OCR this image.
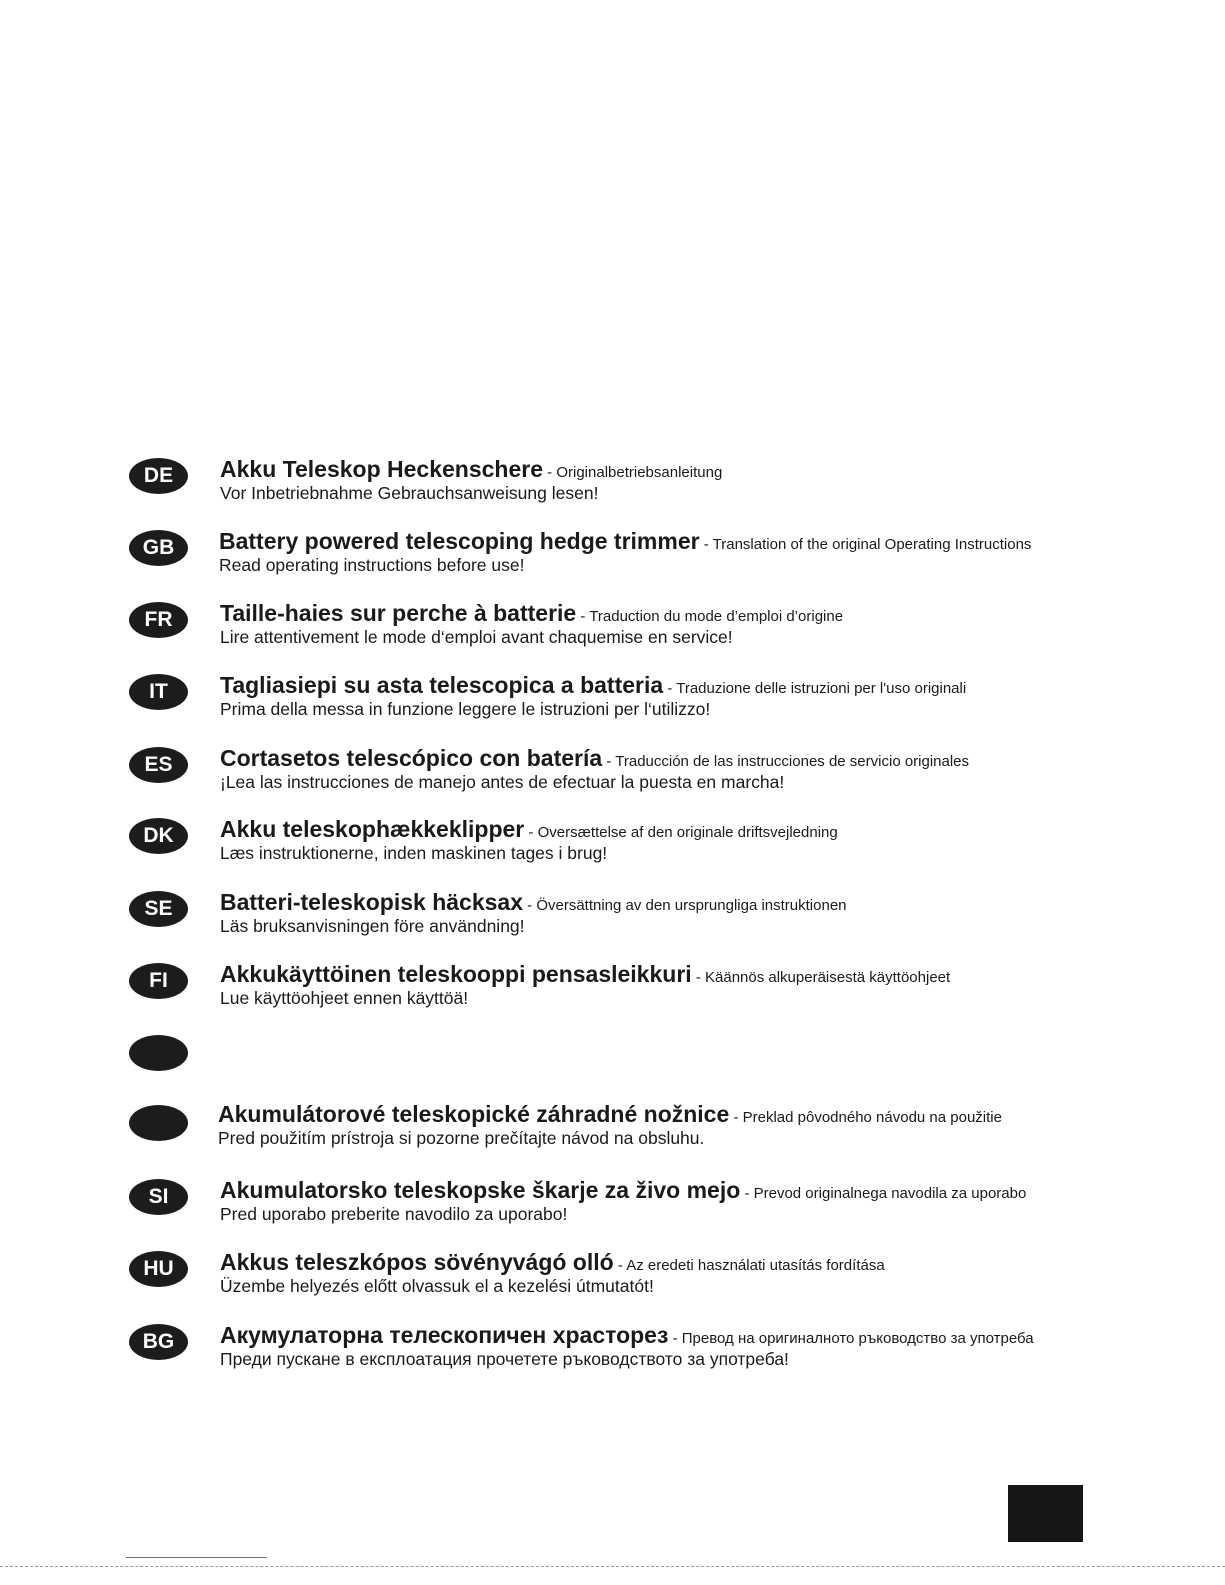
DE	Akku Teleskop Heckenschere - Originalbetriebsanleitung
Vor Inbetriebnahme Gebrauchsanweisung lesen!
GB	Battery powered telescoping hedge trimmer - Translation of the original Operating Instructions
Read operating instructions before use!
FR	Taille-haies sur perche à batterie - Traduction du mode d’emploi d’origine
Lire attentivement le mode d‘emploi avant chaquemise en service!
IT	Tagliasiepi su asta telescopica a batteria - Traduzione delle istruzioni per l'uso originali
Prima della messa in funzione leggere le istruzioni per l‘utilizzo!
ES	Cortasetos telescópico con batería - Traducción de las instrucciones de servicio originales
¡Lea las instrucciones de manejo antes de efectuar la puesta en marcha!
DK	Akku teleskophækkeklipper - Oversættelse af den originale driftsvejledning
Læs instruktionerne, inden maskinen tages i brug!
SE	Batteri-teleskopisk häcksax - Översättning av den ursprungliga instruktionen
Läs bruksanvisningen före användning!
FI	Akkukäyttöinen teleskooppi pensasleikkuri - Käännös alkuperäisestä käyttöohjeet
Lue käyttöohjeet ennen käyttöä!
Akumulátorové teleskopické záhradné nožnice - Preklad pôvodného návodu na použitie
Pred použitím prístroja si pozorne prečítajte návod na obsluhu.
SI	Akumulatorsko teleskopske škarje za živo mejo - Prevod originalnega navodila za uporabo
Pred uporabo preberite navodilo za uporabo!
HU	Akkus teleszkópos sövényvágó olló - Az eredeti használati utasítás fordítása
Üzembe helyezés előtt olvassuk el a kezelési útmutatót!
BG	Акумулаторна телескопичен храсторез - Превод на оригиналното ръководство за употреба
Преди пускане в експлоатация прочетете ръководството за употреба!
